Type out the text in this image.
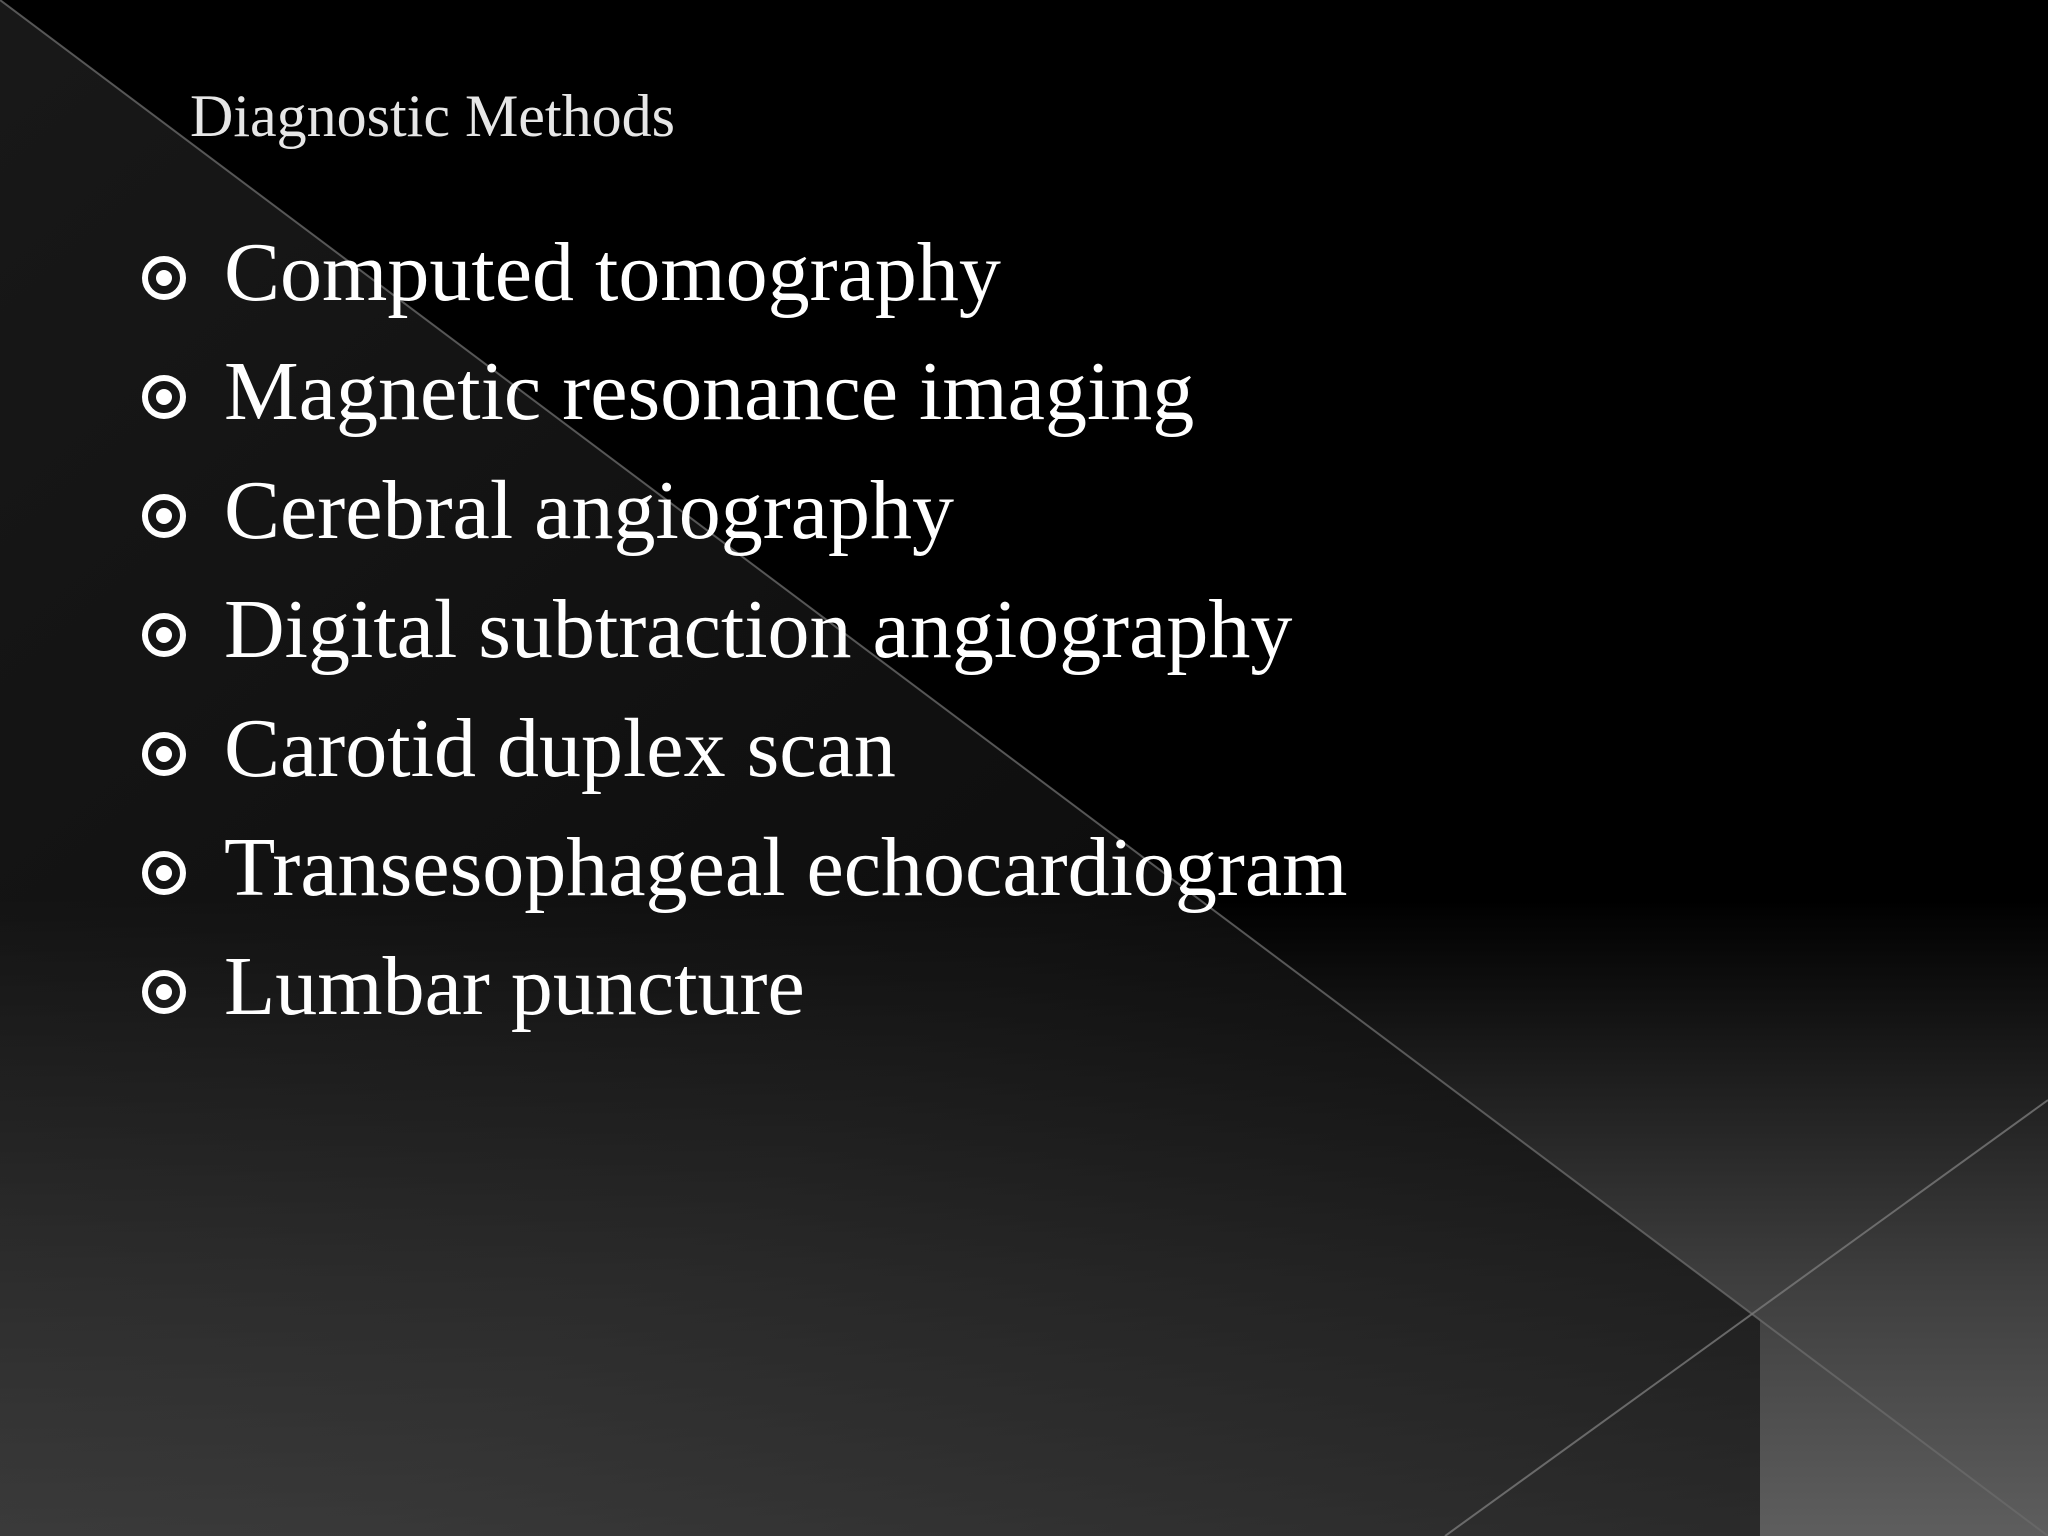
Diagnostic Methods
Computed tomography
Magnetic resonance imaging
Cerebral angiography
Digital subtraction angiography
Carotid duplex scan
Transesophageal echocardiogram
Lumbar puncture
